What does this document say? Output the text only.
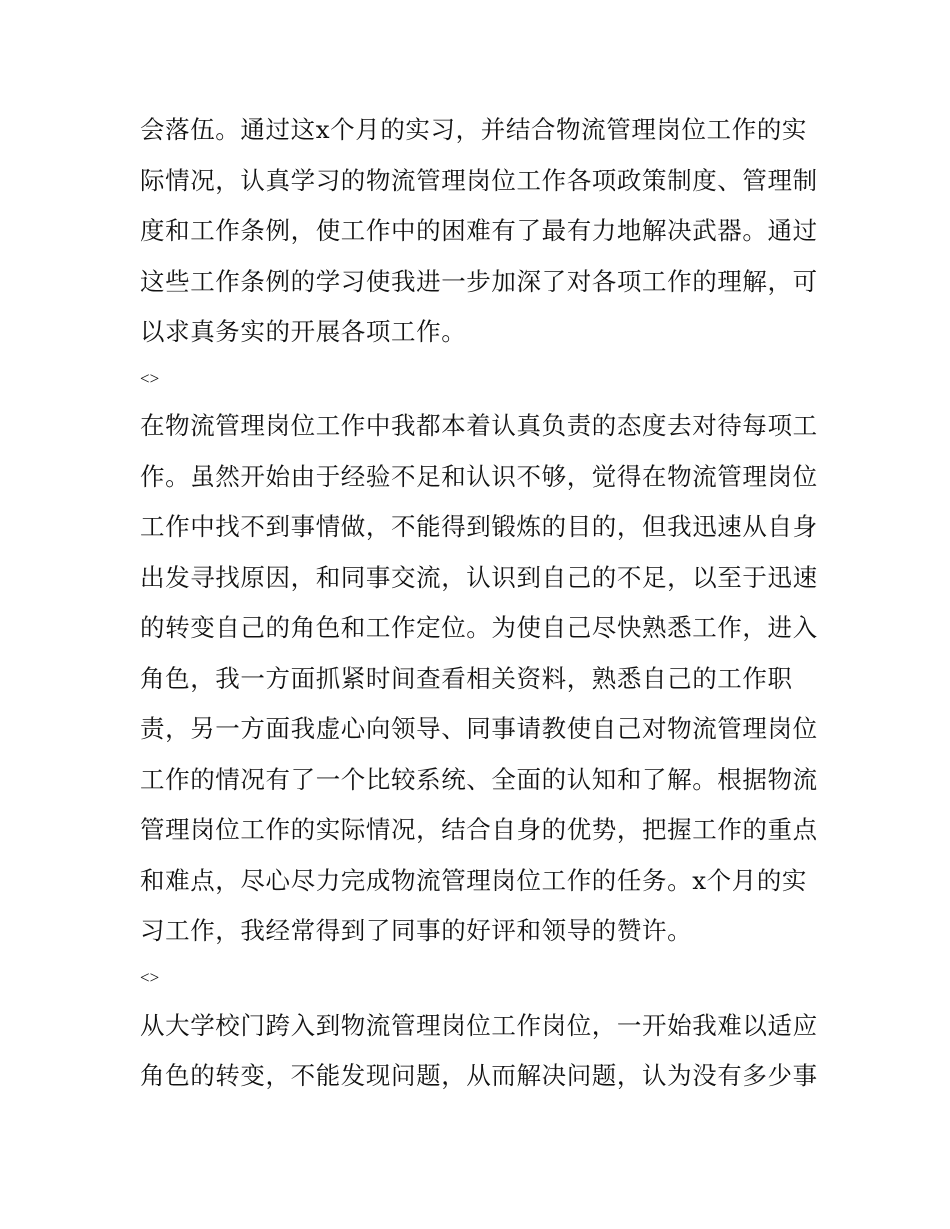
会落伍。通过这x个月的实习，并结合物流管理岗位工作的实
际情况，认真学习的物流管理岗位工作各项政策制度、管理制
度和工作条例，使工作中的困难有了最有力地解决武器。通过
这些工作条例的学习使我进一步加深了对各项工作的理解，可
以求真务实的开展各项工作。
<>
在物流管理岗位工作中我都本着认真负责的态度去对待每项工
作。虽然开始由于经验不足和认识不够，觉得在物流管理岗位
工作中找不到事情做，不能得到锻炼的目的，但我迅速从自身
出发寻找原因，和同事交流，认识到自己的不足，以至于迅速
的转变自己的角色和工作定位。为使自己尽快熟悉工作，进入
角色，我一方面抓紧时间查看相关资料，熟悉自己的工作职
责，另一方面我虚心向领导、同事请教使自己对物流管理岗位
工作的情况有了一个比较系统、全面的认知和了解。根据物流
管理岗位工作的实际情况，结合自身的优势，把握工作的重点
和难点，尽心尽力完成物流管理岗位工作的任务。x个月的实
习工作，我经常得到了同事的好评和领导的赞许。
<>
从大学校门跨入到物流管理岗位工作岗位，一开始我难以适应
角色的转变，不能发现问题，从而解决问题，认为没有多少事
